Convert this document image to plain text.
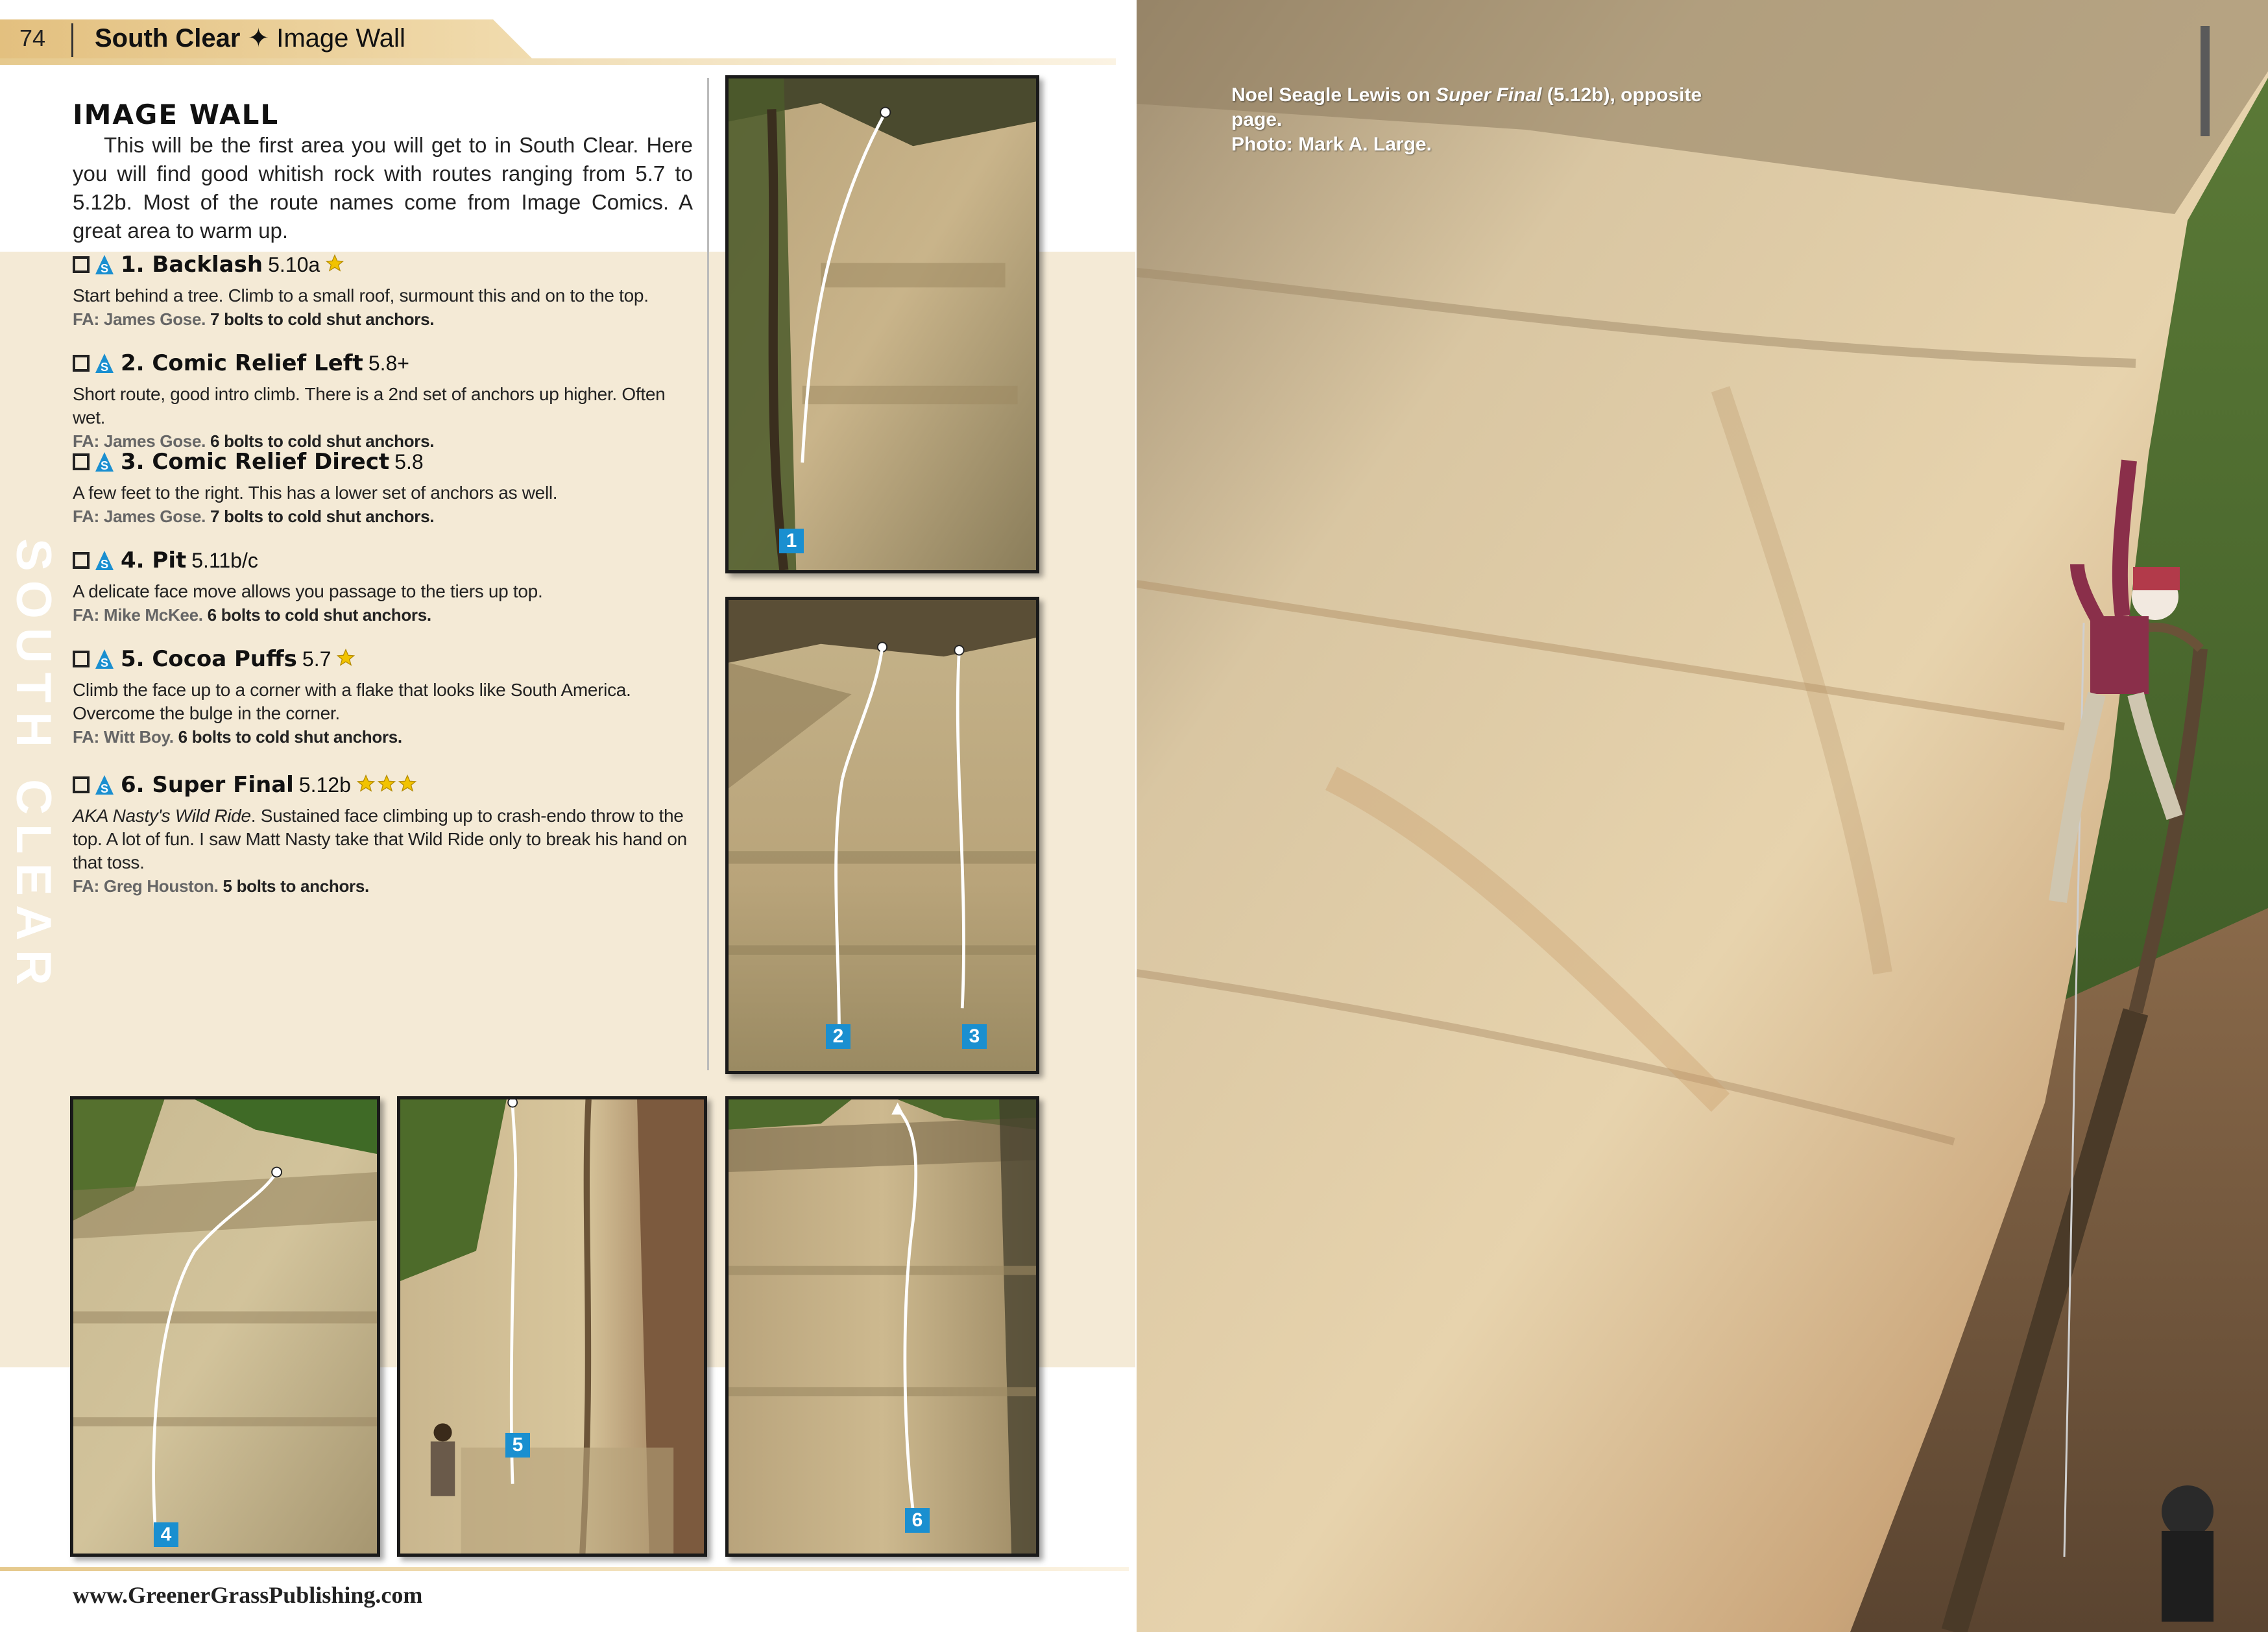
74 South Clear ✦ Image Wall
SOUTH CLEAR
IMAGE WALL
This will be the first area you will get to in South Clear. Here you will find good whitish rock with routes ranging from 5.7 to 5.12b. Most of the route names come from Image Comics. A great area to warm up.
S 1. Backlash 5.10a
Start behind a tree. Climb to a small roof, surmount this and on to the top.
FA: James Gose. 7 bolts to cold shut anchors.
S 2. Comic Relief Left 5.8+
Short route, good intro climb. There is a 2nd set of anchors up higher. Often wet.
FA: James Gose. 6 bolts to cold shut anchors.
S 3. Comic Relief Direct 5.8
A few feet to the right. This has a lower set of anchors as well.
FA: James Gose. 7 bolts to cold shut anchors.
S 4. Pit 5.11b/c
A delicate face move allows you passage to the tiers up top.
FA: Mike McKee. 6 bolts to cold shut anchors.
S 5. Cocoa Puffs 5.7
Climb the face up to a corner with a flake that looks like South America. Overcome the bulge in the corner.
FA: Witt Boy. 6 bolts to cold shut anchors.
S 6. Super Final 5.12b
AKA Nasty's Wild Ride. Sustained face climbing up to crash-endo throw to the top. A lot of fun. I saw Matt Nasty take that Wild Ride only to break his hand on that toss.
FA: Greg Houston. 5 bolts to anchors.
1
2	3
4
5
6
www.GreenerGrassPublishing.com
Noel Seagle Lewis on Super Final (5.12b), opposite page.
Photo: Mark A. Large.
